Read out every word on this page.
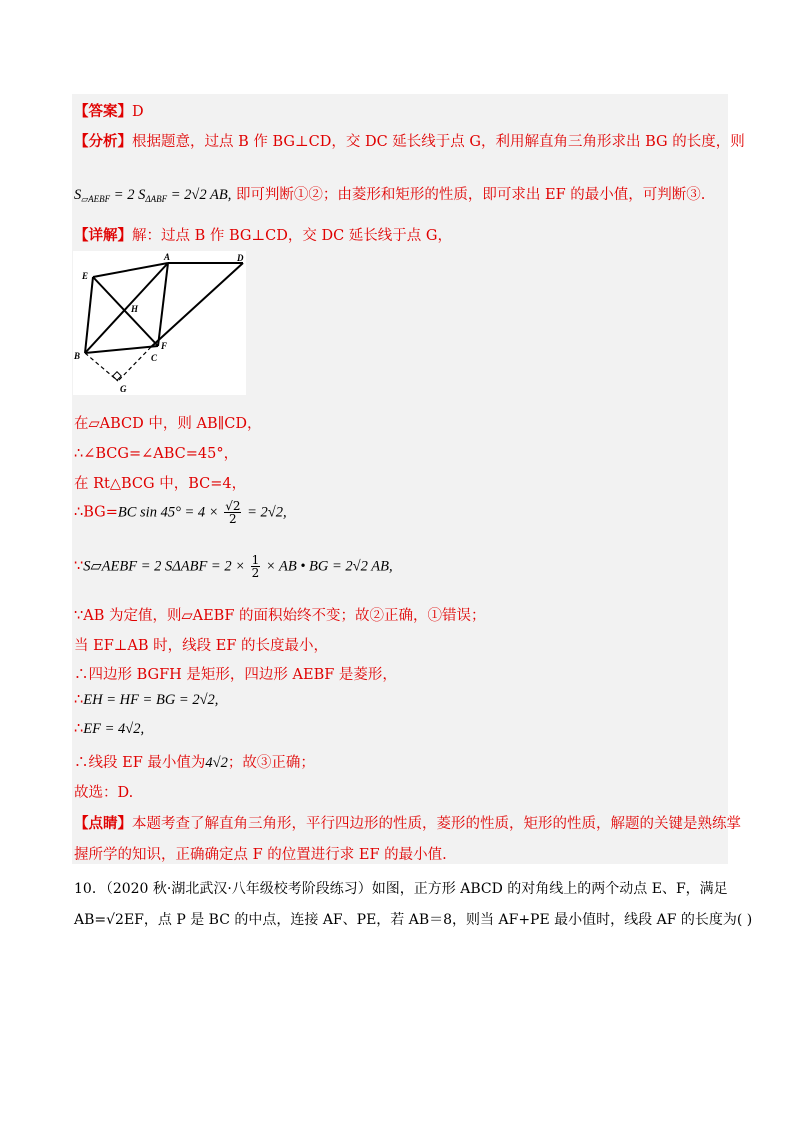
【答案】D
【分析】根据题意，过点 B 作 BG⊥CD，交 DC 延长线于点 G，利用解直角三角形求出 BG 的长度，则
$S_{▱AEBF} = 2$ $S_{\Delta ABF} = 2√2$ AB, 即可判断①②；由菱形和矩形的性质，即可求出 EF 的最小值，可判断③.
【详解】解：过点 B 作 BG⊥CD，交 DC 延长线于点 G，
E
A	D
H
B
F
C
G
在▱ABCD 中，则 AB∥CD，
∴∠BCG=∠ABC=45°，
在 Rt△BCG 中，BC=4，
∴BG=BC $\sin 45^\circ = 4 \times \frac{√2}{2} = 2√2$,
∵S▱AEBF = 2 $S\Delta ABF = 2 \times \frac{1}{2}$ × AB • BG = 2√2 AB,
∵AB 为定值，则▱AEBF 的面积始终不变；故②正确，①错误；
当 EF⊥AB 时，线段 EF 的长度最小，
∴四边形 BGFH 是矩形，四边形 AEBF 是菱形，
∴EH = HF = BG = 2√2,
∴EF = 4√2,
∴线段 EF 最小值为4√2；故③正确；
故选：D.
【点睛】本题考查了解直角三角形，平行四边形的性质，菱形的性质，矩形的性质，解题的关键是熟练掌
握所学的知识，正确确定点 F 的位置进行求 EF 的最小值.
10．（2020 秋·湖北武汉·八年级校考阶段练习）如图，正方形 ABCD 的对角线上的两个动点 E、F，满足
AB=√2EF，点 P 是 BC 的中点，连接 AF、PE，若 AB＝8，则当 AF+PE 最小值时，线段 AF 的长度为( )
